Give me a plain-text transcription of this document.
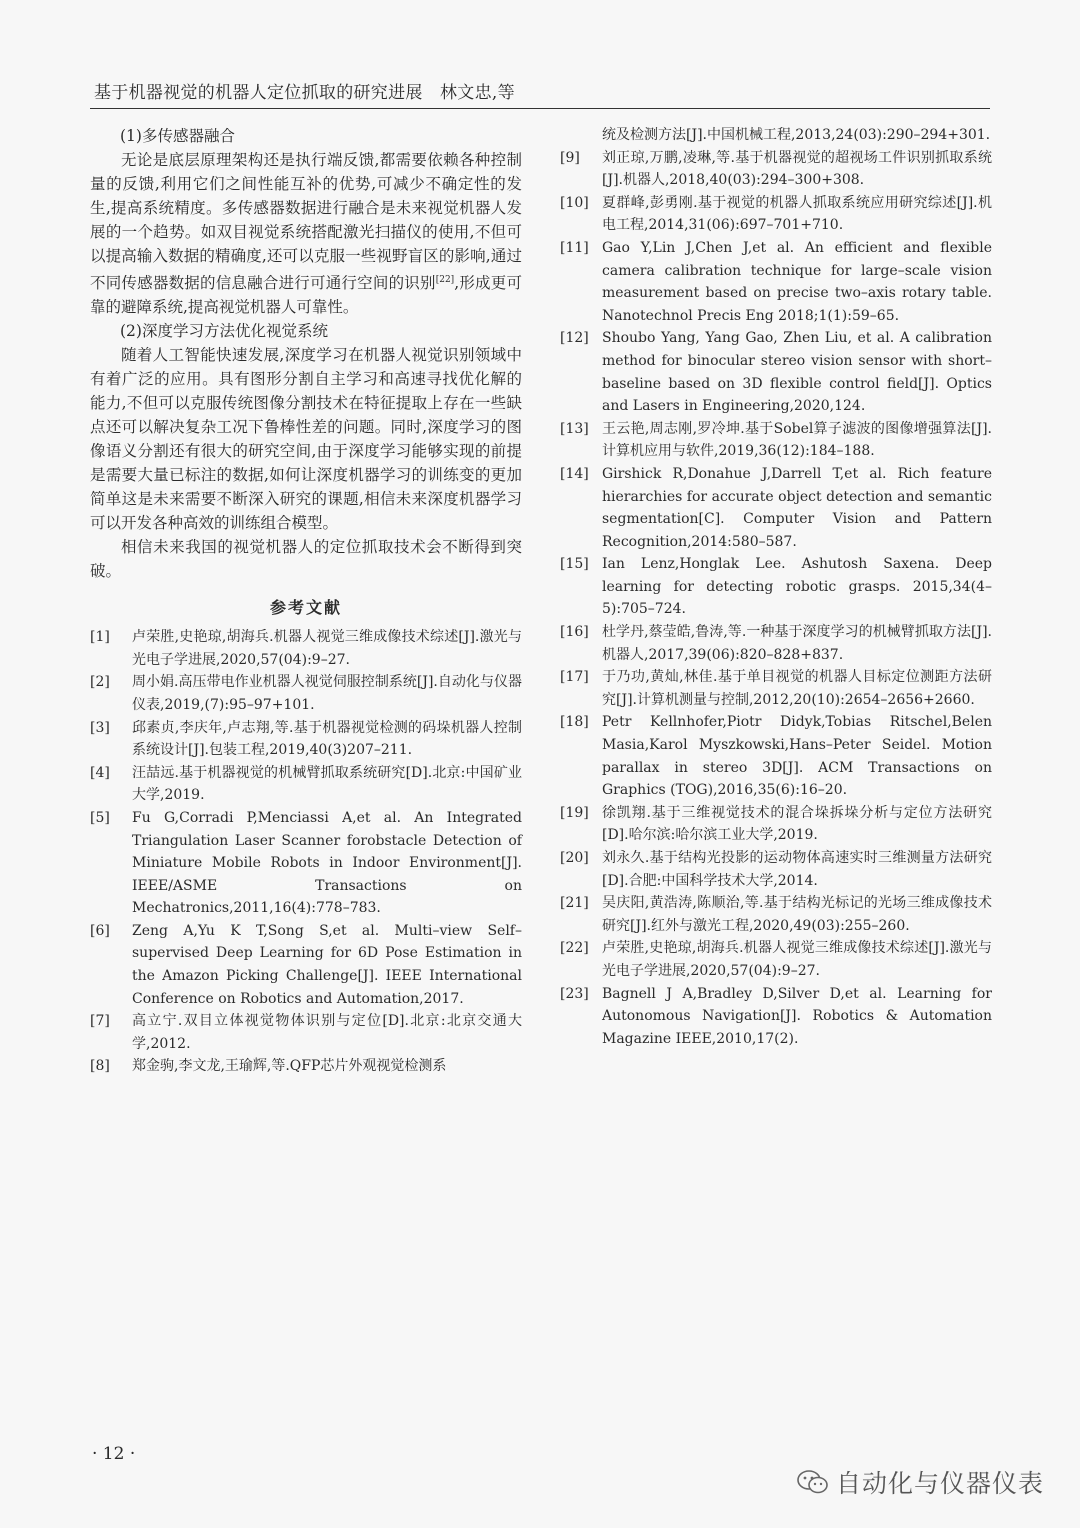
基于机器视觉的机器人定位抓取的研究进展　林文忠,等

(1)多传感器融合

无论是底层原理架构还是执行端反馈,都需要依赖各种控制量的反馈,利用它们之间性能互补的优势,可减少不确定性的发生,提高系统精度。多传感器数据进行融合是未来视觉机器人发展的一个趋势。如双目视觉系统搭配激光扫描仪的使用,不但可以提高输入数据的精确度,还可以克服一些视野盲区的影响,通过不同传感器数据的信息融合进行可通行空间的识别[22],形成更可靠的避障系统,提高视觉机器人可靠性。

(2)深度学习方法优化视觉系统

随着人工智能快速发展,深度学习在机器人视觉识别领域中有着广泛的应用。具有图形分割自主学习和高速寻找优化解的能力,不但可以克服传统图像分割技术在特征提取上存在一些缺点还可以解决复杂工况下鲁棒性差的问题。同时,深度学习的图像语义分割还有很大的研究空间,由于深度学习能够实现的前提是需要大量已标注的数据,如何让深度机器学习的训练变的更加简单这是未来需要不断深入研究的课题,相信未来深度机器学习可以开发各种高效的训练组合模型。

相信未来我国的视觉机器人的定位抓取技术会不断得到突破。

参考文献
[1]	卢荣胜,史艳琼,胡海兵.机器人视觉三维成像技术综述[J].激光与光电子学进展,2020,57(04):9–27.
[2]	周小娟.高压带电作业机器人视觉伺服控制系统[J].自动化与仪器仪表,2019,(7):95–97+101.
[3]	邱素贞,李庆年,卢志翔,等.基于机器视觉检测的码垛机器人控制系统设计[J].包装工程,2019,40(3)207–211.
[4]	汪喆远.基于机器视觉的机械臂抓取系统研究[D].北京:中国矿业大学,2019.
[5]	Fu G,Corradi P,Menciassi A,et al. An Integrated Triangulation Laser Scanner forobstacle Detection of Miniature Mobile Robots in Indoor Environment[J]. IEEE/ASME Transactions on Mechatronics,2011,16(4):778–783.
[6]	Zeng A,Yu K T,Song S,et al. Multi–view Self–supervised Deep Learning for 6D Pose Estimation in the Amazon Picking Challenge[J]. IEEE International Conference on Robotics and Automation,2017.
[7]	高立宁.双目立体视觉物体识别与定位[D].北京:北京交通大学,2012.
[8]	郑金驹,李文龙,王瑜辉,等.QFP芯片外观视觉检测系
统及检测方法[J].中国机械工程,2013,24(03):290–294+301.
[9]	刘正琼,万鹏,凌琳,等.基于机器视觉的超视场工件识别抓取系统[J].机器人,2018,40(03):294–300+308.
[10] 夏群峰,彭勇刚.基于视觉的机器人抓取系统应用研究综述[J].机电工程,2014,31(06):697–701+710.
[11] Gao Y,Lin J,Chen J,et al. An efficient and flexible camera calibration technique for large–scale vision measurement based on precise two–axis rotary table. Nanotechnol Precis Eng 2018;1(1):59–65.
[12] Shoubo Yang, Yang Gao, Zhen Liu, et al. A calibration method for binocular stereo vision sensor with short–baseline based on 3D flexible control field[J]. Optics and Lasers in Engineering,2020,124.
[13] 王云艳,周志刚,罗冷坤.基于Sobel算子滤波的图像增强算法[J].计算机应用与软件,2019,36(12):184–188.
[14] Girshick R,Donahue J,Darrell T,et al. Rich feature hierarchies for accurate object detection and semantic segmentation[C]. Computer Vision and Pattern Recognition,2014:580–587.
[15] Ian Lenz,Honglak Lee. Ashutosh Saxena. Deep learning for detecting robotic grasps. 2015,34(4–5):705–724.
[16] 杜学丹,蔡莹皓,鲁涛,等.一种基于深度学习的机械臂抓取方法[J].机器人,2017,39(06):820–828+837.
[17] 于乃功,黄灿,林佳.基于单目视觉的机器人目标定位测距方法研究[J].计算机测量与控制,2012,20(10):2654–2656+2660.
[18] Petr Kellnhofer,Piotr Didyk,Tobias Ritschel,Belen Masia,Karol Myszkowski,Hans–Peter Seidel. Motion parallax in stereo 3D[J]. ACM Transactions on Graphics (TOG),2016,35(6):16–20.
[19] 徐凯翔.基于三维视觉技术的混合垛拆垛分析与定位方法研究[D].哈尔滨:哈尔滨工业大学,2019.
[20] 刘永久.基于结构光投影的运动物体高速实时三维测量方法研究[D].合肥:中国科学技术大学,2014.
[21] 吴庆阳,黄浩涛,陈顺治,等.基于结构光标记的光场三维成像技术研究[J].红外与激光工程,2020,49(03):255–260.
[22] 卢荣胜,史艳琼,胡海兵.机器人视觉三维成像技术综述[J].激光与光电子学进展,2020,57(04):9–27.
[23] Bagnell J A,Bradley D,Silver D,et al. Learning for Autonomous Navigation[J]. Robotics & Automation Magazine IEEE,2010,17(2).
· 12 ·
自动化与仪器仪表
